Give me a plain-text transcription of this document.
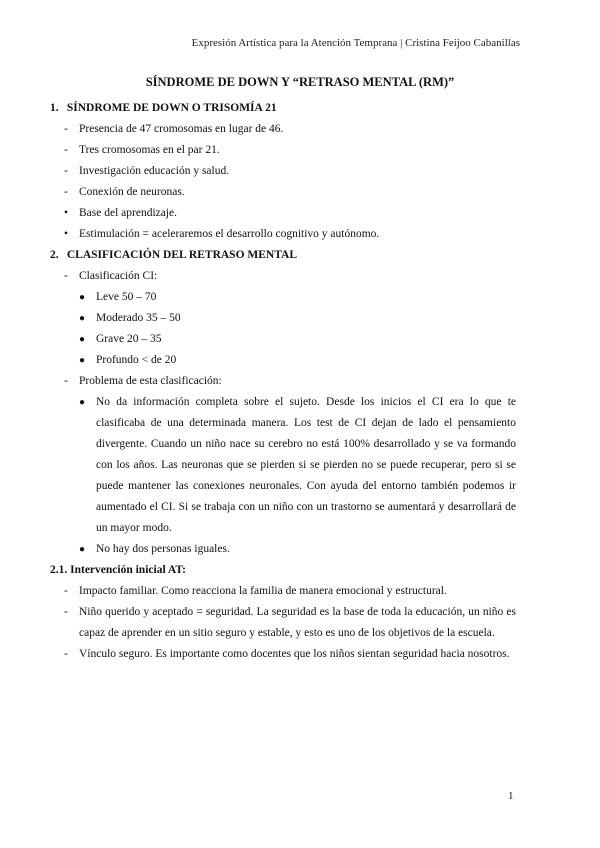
Expresión Artística para la Atención Temprana | Cristina Feijoo Cabanillas
SÍNDROME DE DOWN Y “RETRASO MENTAL (RM)”
1. SÍNDROME DE DOWN O TRISOMÍA 21
- Presencia de 47 cromosomas en lugar de 46.
- Tres cromosomas en el par 21.
- Investigación educación y salud.
- Conexión de neuronas.
• Base del aprendizaje.
• Estimulación = aceleraremos el desarrollo cognitivo y autónomo.
2. CLASIFICACIÓN DEL RETRASO MENTAL
- Clasificación CI:
● Leve 50 – 70
● Moderado 35 – 50
● Grave 20 – 35
● Profundo < de 20
- Problema de esta clasificación:
● No da información completa sobre el sujeto. Desde los inicios el CI era lo que te clasificaba de una determinada manera. Los test de CI dejan de lado el pensamiento divergente. Cuando un niño nace su cerebro no está 100% desarrollado y se va formando con los años. Las neuronas que se pierden si se pierden no se puede recuperar, pero si se puede mantener las conexiones neuronales. Con ayuda del entorno también podemos ir aumentado el CI. Si se trabaja con un niño con un trastorno se aumentará y desarrollará de un mayor modo.
● No hay dos personas iguales.
2.1. Intervención inicial AT:
- Impacto familiar. Como reacciona la familia de manera emocional y estructural.
- Niño querido y aceptado = seguridad. La seguridad es la base de toda la educación, un niño es capaz de aprender en un sitio seguro y estable, y esto es uno de los objetivos de la escuela.
- Vínculo seguro. Es importante como docentes que los niños sientan seguridad hacia nosotros.
1
